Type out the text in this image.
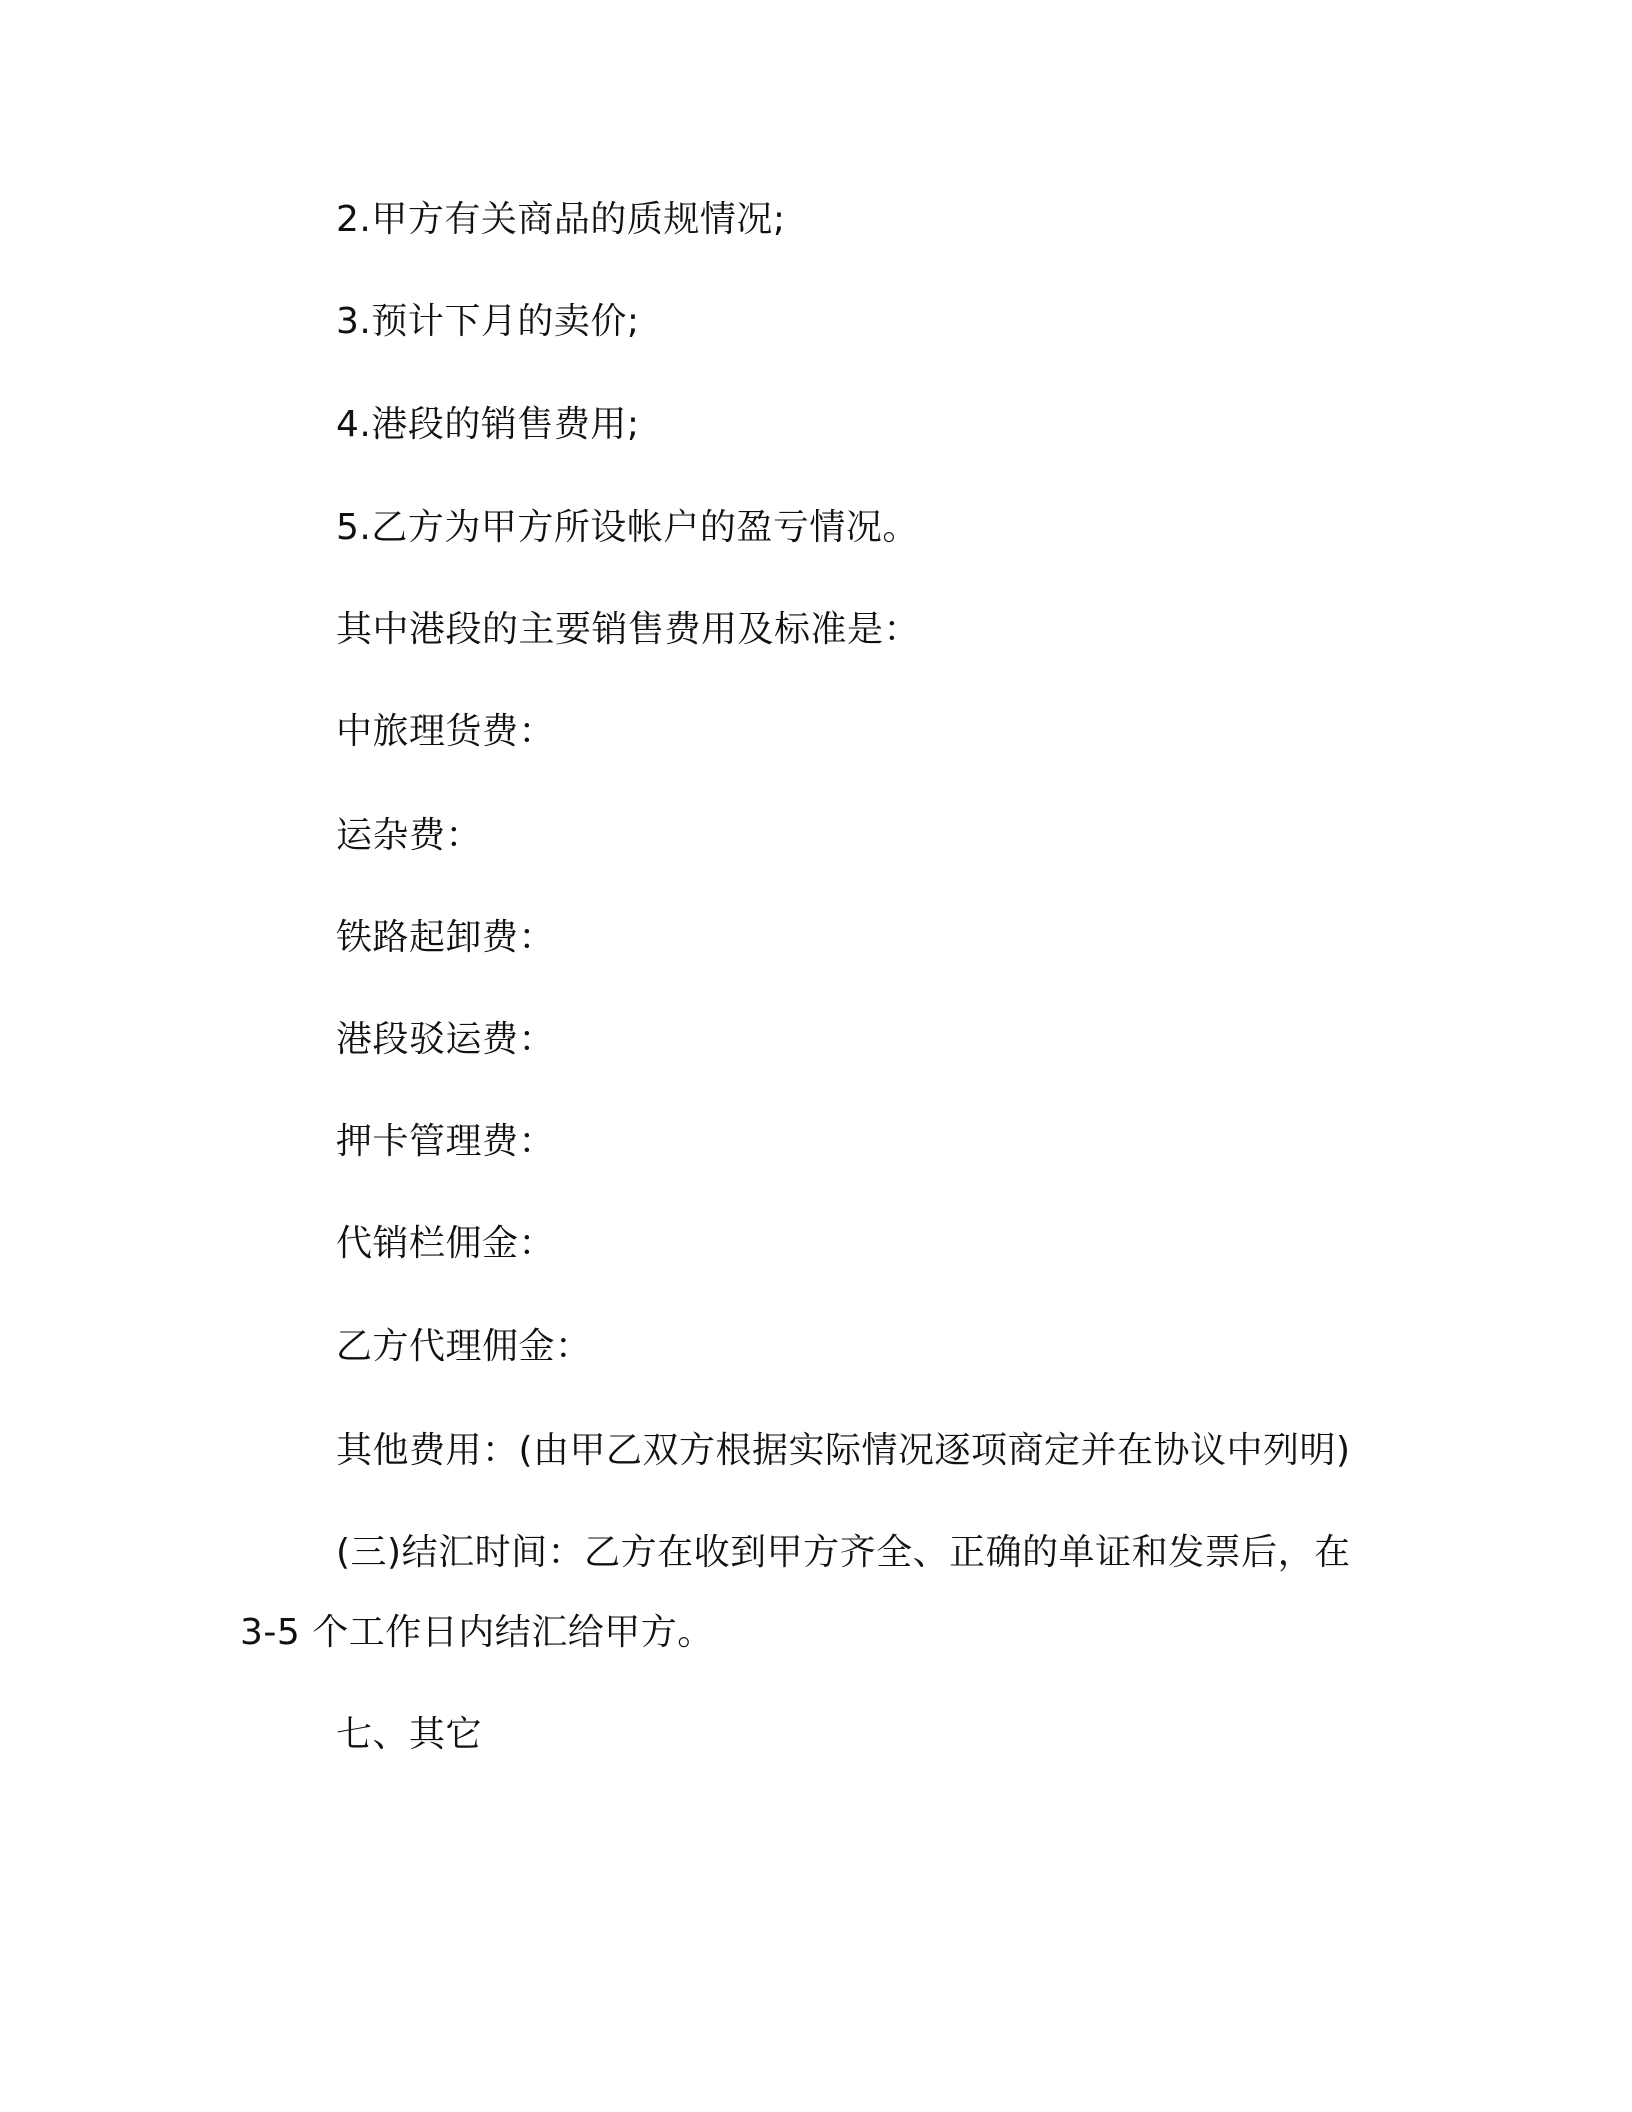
2.甲方有关商品的质规情况;
3.预计下月的卖价;
4.港段的销售费用;
5.乙方为甲方所设帐户的盈亏情况。
其中港段的主要销售费用及标准是：
中旅理货费：
运杂费：
铁路起卸费：
港段驳运费：
押卡管理费：
代销栏佣金：
乙方代理佣金：
其他费用：(由甲乙双方根据实际情况逐项商定并在协议中列明)
(三)结汇时间：乙方在收到甲方齐全、正确的单证和发票后，在
3-5 个工作日内结汇给甲方。
七、其它
